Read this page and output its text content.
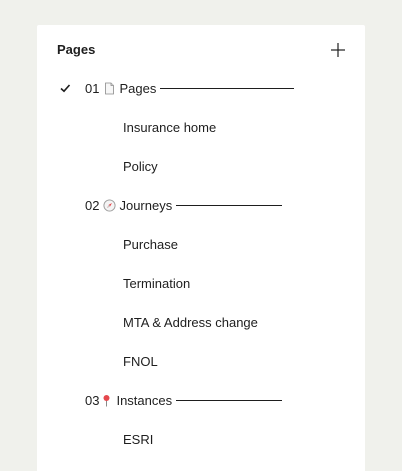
Pages
01 Pages
Insurance home
Policy
02 Journeys
Purchase
Termination
MTA & Address change
FNOL
03 Instances
ESRI
